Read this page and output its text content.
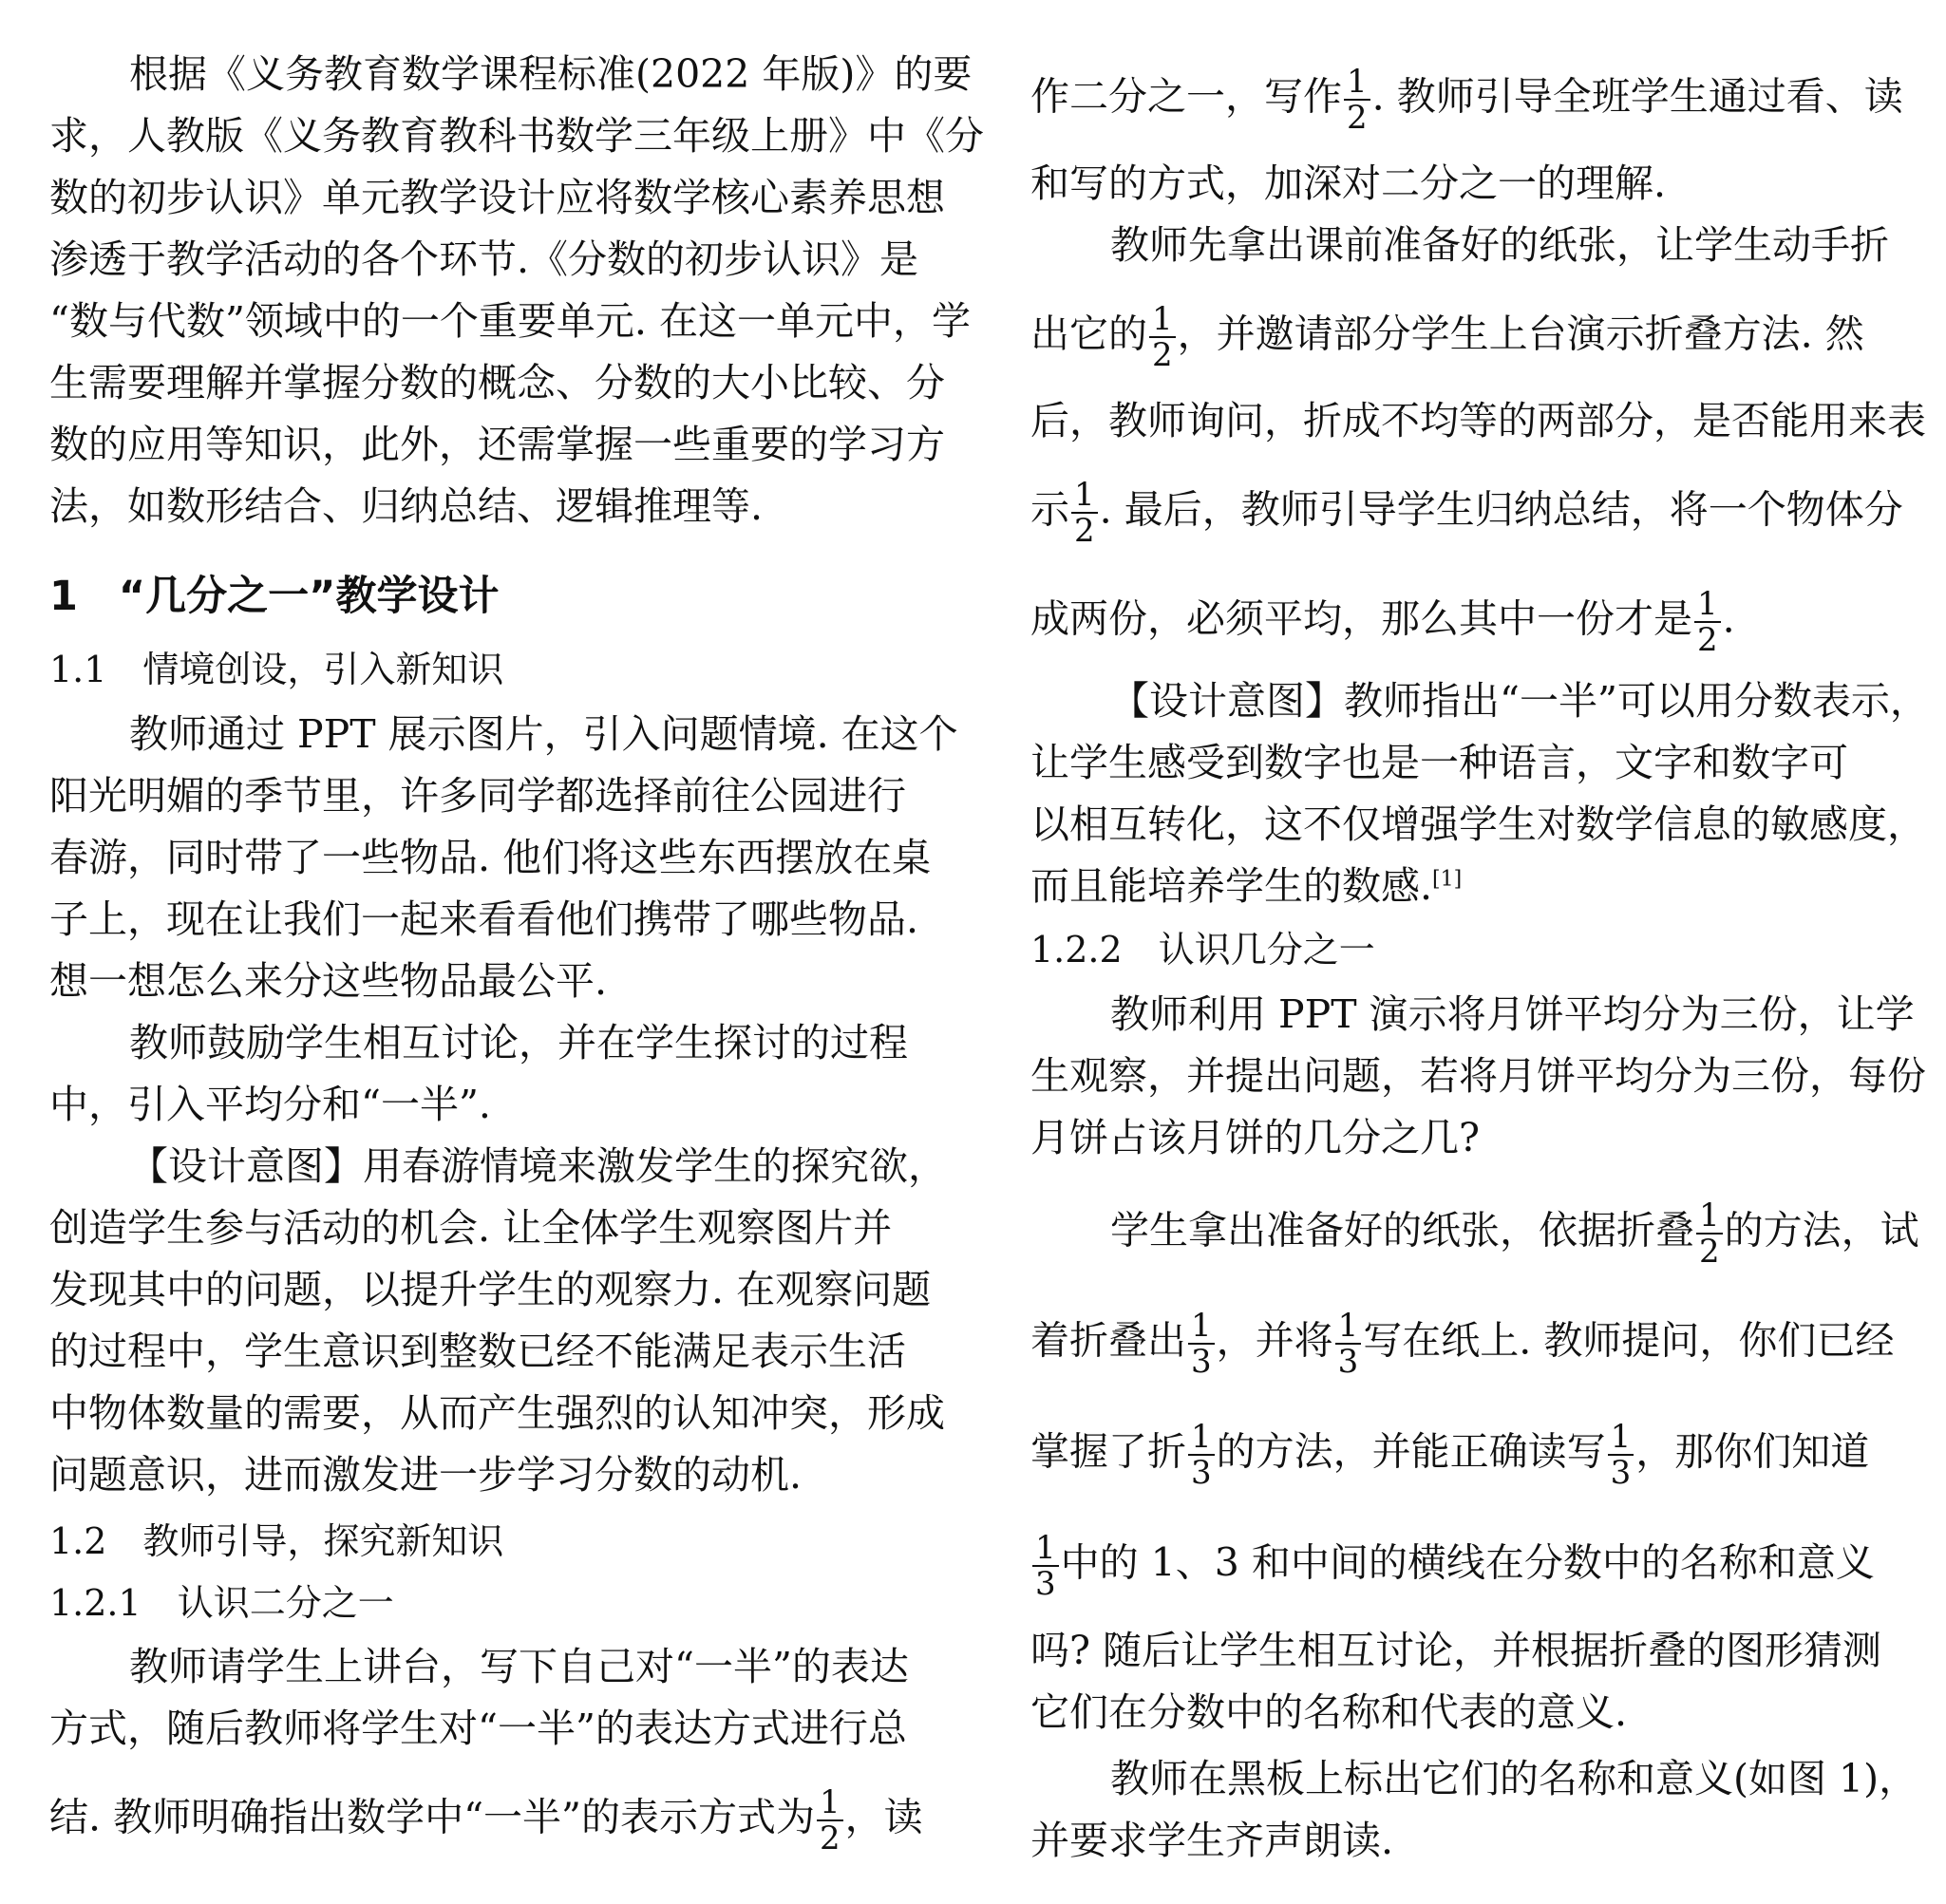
根据《义务教育数学课程标准(2022 年版)》的要
求，人教版《义务教育教科书数学三年级上册》中《分
数的初步认识》单元教学设计应将数学核心素养思想
渗透于教学活动的各个环节.《分数的初步认识》是
“数与代数”领域中的一个重要单元. 在这一单元中，学
生需要理解并掌握分数的概念、分数的大小比较、分
数的应用等知识，此外，还需掌握一些重要的学习方
法，如数形结合、归纳总结、逻辑推理等.
1　“几分之一”教学设计
1.1　情境创设，引入新知识
教师通过 PPT 展示图片，引入问题情境. 在这个
阳光明媚的季节里，许多同学都选择前往公园进行
春游，同时带了一些物品. 他们将这些东西摆放在桌
子上，现在让我们一起来看看他们携带了哪些物品.
想一想怎么来分这些物品最公平.
教师鼓励学生相互讨论，并在学生探讨的过程
中，引入平均分和“一半”.
【设计意图】用春游情境来激发学生的探究欲，
创造学生参与活动的机会. 让全体学生观察图片并
发现其中的问题，以提升学生的观察力. 在观察问题
的过程中，学生意识到整数已经不能满足表示生活
中物体数量的需要，从而产生强烈的认知冲突，形成
问题意识，进而激发进一步学习分数的动机.
1.2　教师引导，探究新知识
1.2.1　认识二分之一
教师请学生上讲台，写下自己对“一半”的表达
方式，随后教师将学生对“一半”的表达方式进行总
结. 教师明确指出数学中“一半”的表示方式为 $\frac{1}{2}$ ，读
作二分之一，写作 $\frac{1}{2}$ . 教师引导全班学生通过看、读
和写的方式，加深对二分之一的理解.
教师先拿出课前准备好的纸张，让学生动手折
出它的 $\frac{1}{2}$ ，并邀请部分学生上台演示折叠方法. 然
后，教师询问，折成不均等的两部分，是否能用来表
示 $\frac{1}{2}$ . 最后，教师引导学生归纳总结，将一个物体分
成两份，必须平均，那么其中一份才是 $\frac{1}{2}$ .
【设计意图】教师指出“一半”可以用分数表示，
让学生感受到数字也是一种语言，文字和数字可
以相互转化，这不仅增强学生对数学信息的敏感度，
而且能培养学生的数感.[1]
1.2.2　认识几分之一
教师利用 PPT 演示将月饼平均分为三份，让学
生观察，并提出问题，若将月饼平均分为三份，每份
月饼占该月饼的几分之几?
学生拿出准备好的纸张，依据折叠 $\frac{1}{2}$ 的方法，试
着折叠出 $\frac{1}{3}$ ，并将 $\frac{1}{3}$ 写在纸上. 教师提问，你们已经
掌握了折 $\frac{1}{3}$ 的方法，并能正确读写 $\frac{1}{3}$ ，那你们知道
$\frac{1}{3}$ 中的 1、3 和中间的横线在分数中的名称和意义
吗? 随后让学生相互讨论，并根据折叠的图形猜测
它们在分数中的名称和代表的意义.
教师在黑板上标出它们的名称和意义(如图 1)，
并要求学生齐声朗读.
